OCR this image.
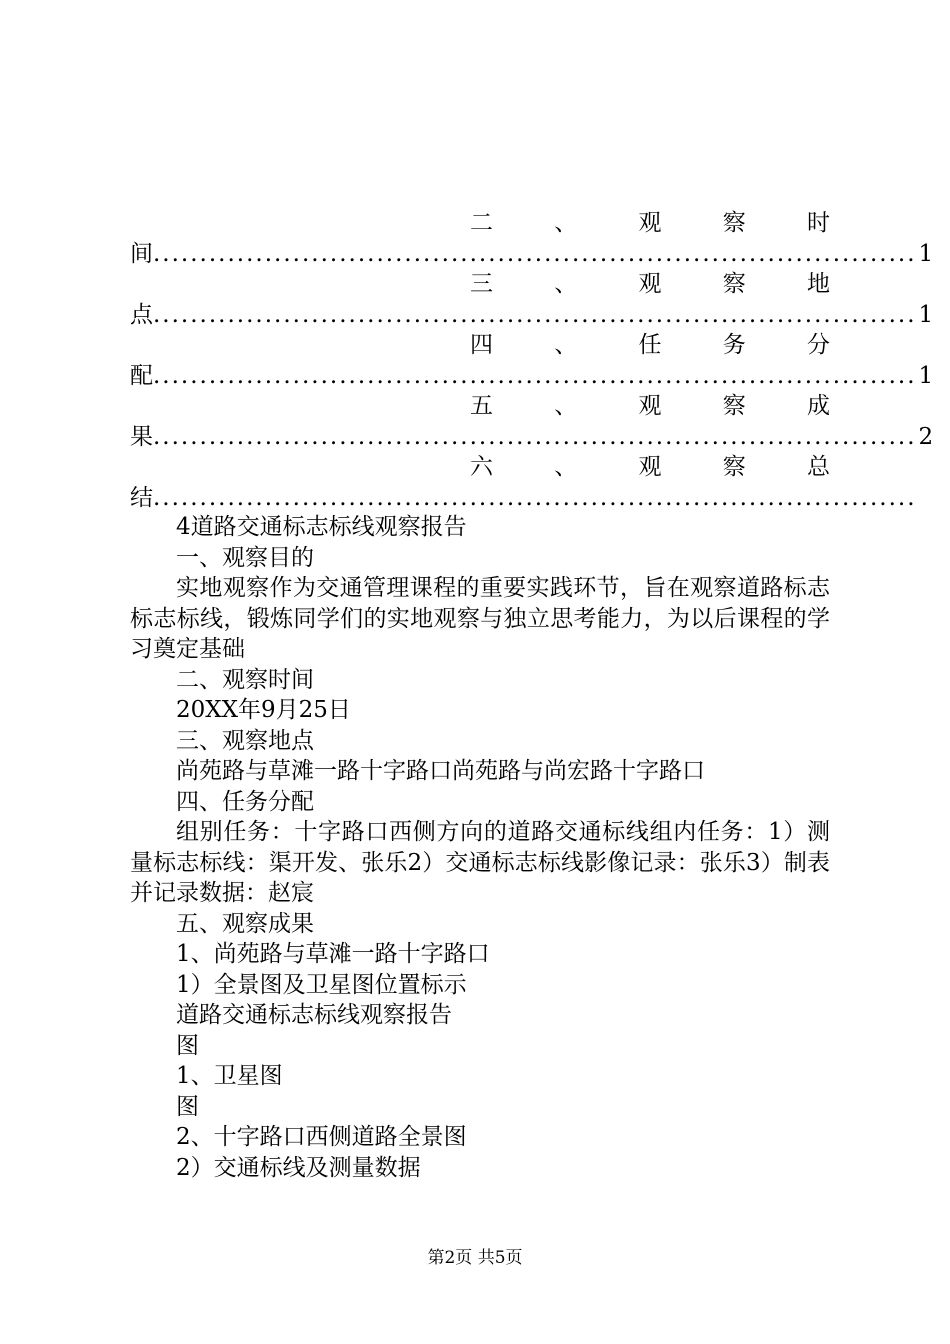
二	、	观	察	时
间 .................................................................................. 1
三	、	观	察	地
点 .................................................................................. 1
四	、	任	务	分
配 .................................................................................. 1
五	、	观	察	成
果 .................................................................................. 2
六	、	观	察	总
结 ..................................................................................

4道路交通标志标线观察报告

一、观察目的

实地观察作为交通管理课程的重要实践环节，旨在观察道路标志标志标线，锻炼同学们的实地观察与独立思考能力，为以后课程的学习奠定基础

二、观察时间

20XX年9月25日

三、观察地点

尚苑路与草滩一路十字路口尚苑路与尚宏路十字路口

四、任务分配

组别任务：十字路口西侧方向的道路交通标线组内任务：1）测量标志标线：渠开发、张乐2）交通标志标线影像记录：张乐3）制表并记录数据：赵宸

五、观察成果

1、尚苑路与草滩一路十字路口

1）全景图及卫星图位置标示

道路交通标志标线观察报告

图

1、卫星图

图

2、十字路口西侧道路全景图

2）交通标线及测量数据

第2页 共5页
